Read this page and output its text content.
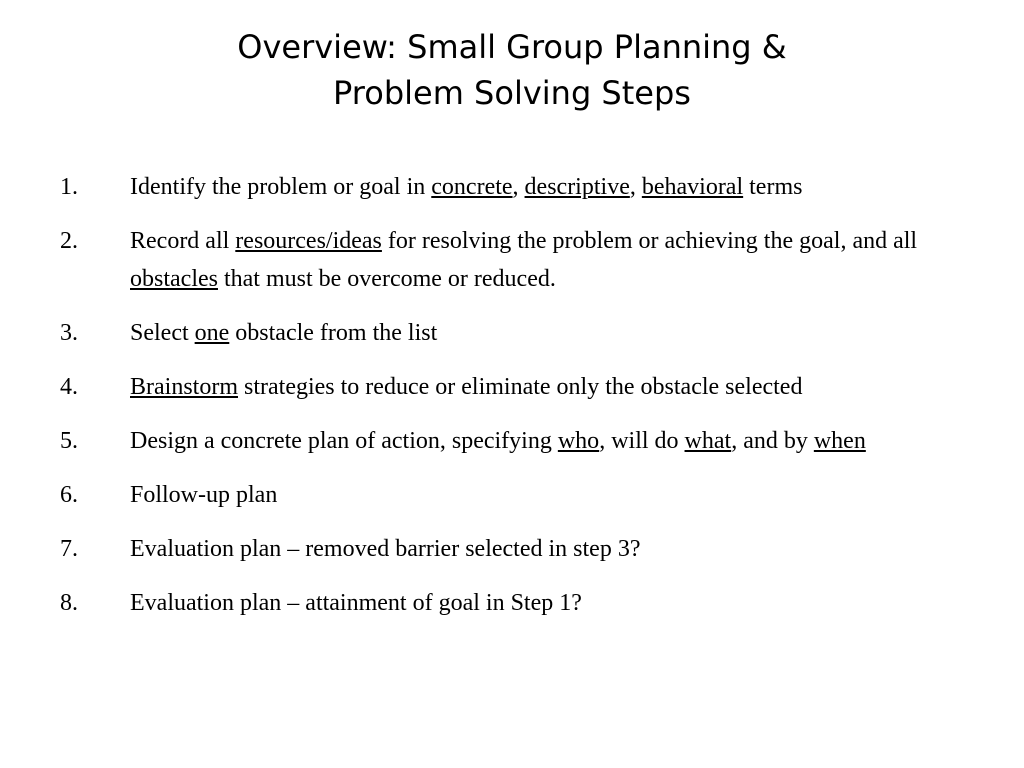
Overview: Small Group Planning &
Problem Solving Steps
1. Identify the problem or goal in concrete, descriptive, behavioral terms
2. Record all resources/ideas for resolving the problem or achieving the goal, and all obstacles that must be overcome or reduced.
3. Select one obstacle from the list
4. Brainstorm strategies to reduce or eliminate only the obstacle selected
5. Design a concrete plan of action, specifying who, will do what, and by when
6. Follow-up plan
7. Evaluation plan – removed barrier selected in step 3?
8. Evaluation plan – attainment of goal in Step 1?
